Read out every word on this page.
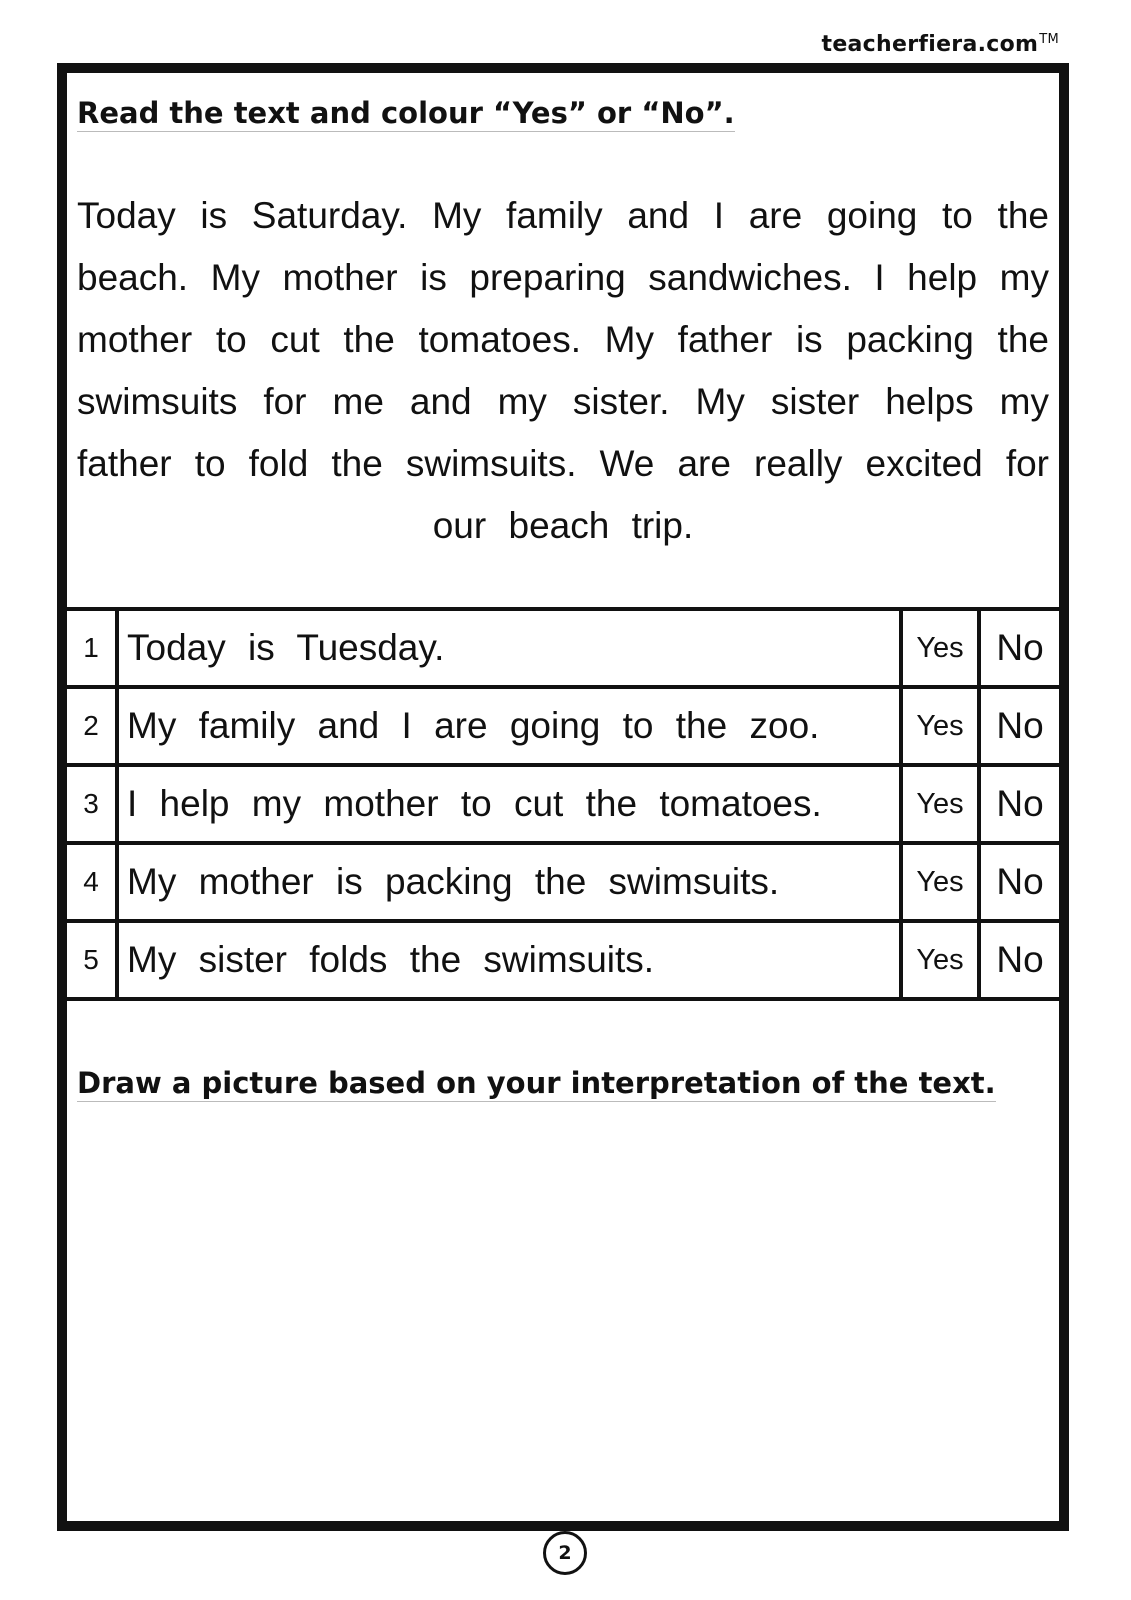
teacherfiera.com™
Read the text and colour “Yes” or “No”.

Today is Saturday. My family and I are going to the beach. My mother is preparing sandwiches. I help my mother to cut the tomatoes. My father is packing the swimsuits for me and my sister. My sister helps my father to fold the swimsuits. We are really excited for our beach trip.

1	Today is Tuesday.	Yes	No
2	My family and I are going to the zoo.	Yes	No
3	I help my mother to cut the tomatoes.	Yes	No
4	My mother is packing the swimsuits.	Yes	No
5	My sister folds the swimsuits.	Yes	No
Draw a picture based on your interpretation of the text.
2
